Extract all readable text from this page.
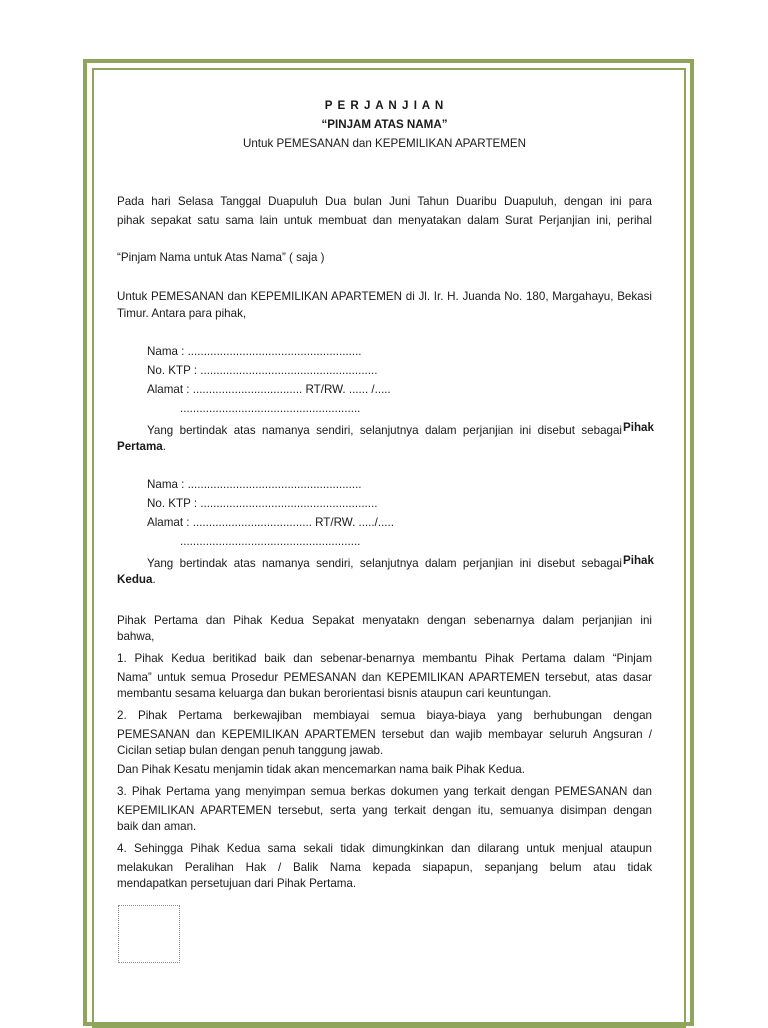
P E R J A N J I A N
“PINJAM ATAS NAMA”
Untuk PEMESANAN dan KEPEMILIKAN APARTEMEN
Pada hari Selasa Tanggal Duapuluh Dua bulan Juni Tahun Duaribu Duapuluh, dengan ini para
pihak sepakat satu sama lain untuk membuat dan menyatakan dalam Surat Perjanjian ini, perihal
“Pinjam Nama untuk Atas Nama” ( saja )
Untuk PEMESANAN dan KEPEMILIKAN APARTEMEN di Jl. Ir. H. Juanda No. 180, Margahayu, Bekasi
Timur. Antara para pihak,
Nama : ......................................................
No. KTP : .......................................................
Alamat : .................................. RT/RW. ...... /.....
........................................................
Yang bertindak atas namanya sendiri, selanjutnya dalam perjanjian ini disebut sebagai Pihak
Pertama.
Nama : ......................................................
No. KTP : .......................................................
Alamat : ..................................... RT/RW. ...../.....
........................................................
Yang bertindak atas namanya sendiri, selanjutnya dalam perjanjian ini disebut sebagai Pihak
Kedua.
Pihak Pertama dan Pihak Kedua Sepakat menyatakn dengan sebenarnya dalam perjanjian ini
bahwa,
1. Pihak Kedua beritikad baik dan sebenar-benarnya membantu Pihak Pertama dalam “Pinjam
Nama” untuk semua Prosedur PEMESANAN dan KEPEMILIKAN APARTEMEN tersebut, atas dasar
membantu sesama keluarga dan bukan berorientasi bisnis ataupun cari keuntungan.
2. Pihak Pertama berkewajiban membiayai semua biaya-biaya yang berhubungan dengan
PEMESANAN dan KEPEMILIKAN APARTEMEN tersebut dan wajib membayar seluruh Angsuran /
Cicilan setiap bulan dengan penuh tanggung jawab.
Dan Pihak Kesatu menjamin tidak akan mencemarkan nama baik Pihak Kedua.
3. Pihak Pertama yang menyimpan semua berkas dokumen yang terkait dengan PEMESANAN dan
KEPEMILIKAN APARTEMEN tersebut, serta yang terkait dengan itu, semuanya disimpan dengan
baik dan aman.
4. Sehingga Pihak Kedua sama sekali tidak dimungkinkan dan dilarang untuk menjual ataupun
melakukan Peralihan Hak / Balik Nama kepada siapapun, sepanjang belum atau tidak
mendapatkan persetujuan dari Pihak Pertama.
